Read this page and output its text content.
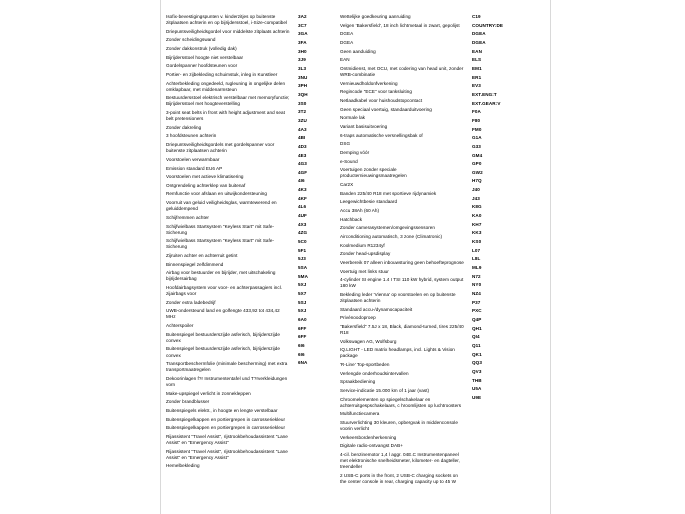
Isofix-bevestigingspunten v. kinderzitjes op buitenste zitplaatsen achterin en op bijrijdersstoel, i-Size-compatibel
Driepuntsveiligheidsgordel voor middelste zitplaats achterin
Zonder scheidingswand
Zonder dakkonstruk (volledig dak)
Bijrijdersstoel hoogte niet verstelbaar
Gordelspanner hoofdsteunen voor
Portier- en zijbekleding schuimstuk, inleg in Kunstleer
Achterbekleding ongedeeld, rugleuning in ongelijke delen omklapbaar, met middenarmsteun
Bestuurdersstoel elektrisch verstelbaar met memoryfunctie; Bijrijdersstoel met hoogteverstelling
3-point seat belts in front with height adjustment and seat belt pretensioners
Zonder dakreling
3 hoofdsteunen achterin
Driepuntsveiligheidsgordels met gordelspanner voor buitenste zitplaatsen achterin
Voorstoelen verwarmbaar
Emission standard EU6 AP
Voorstoelen met actieve klimatisering
Ontgrendeling achterklep van buitenaf
Remfunctie voor afslaan en uitwijkondersteuning
Voorruit van geluid veiligheidsglas, warmtewerend en geluiddempend
Schijfremmen achter
Schijfwielbass Startsystem "Keyless Start" mit Safe-Sicherung
Schijfwielbass Startsystem "Keyless Start" mit Safe-Sicherung
Zijruiten achter en achterruit getint
Binnenspiegel zelfdimmend
Airbag voor bestuurder en bijrijder, met uitschakeling bijrijdersairbag
Hoofdairbagsystem voor voor- en achterpassagiers incl. zijairbags voor
Zonder extra ladebedrijf
UWB-ondersteund land en golfengte 433,92 tot 434,42 MHz
Achterspoiler
Buitenspiegel bestuurderszijde asferisch, bijrijderszijde convex
Buitenspiegel bestuurderszijde asferisch, bijrijderszijde convex
Transportbeschermfolie (minimale bescherming) met extra transportmaatregelen
Dekoorinlagen f?r Instrumententafel und T?rverkleidungen vorn
Make-upspiegel verlicht in zonnekleppen
Zonder brandblusser
Buitenspiegels elektr., in hoogte en lengte verstelbaar
Buitenspiegelkappen en portiergrepen in carrosseriekleur
Buitenspiegelkappen en portiergrepen in carrosseriekleur
Rijassistent "Travel Assist", rijstrookbehoudassistent "Lane Assist" en "Emergency Assist"
Rijassistent "Travel Assist", rijstrookbehoudassistent "Lane Assist" en "Emergency Assist"
Hemelbekleding
3A2
3C7
3GA
3FA
3H0
3J9
3L3
3NU
3PH
3QH
3S0
3T2
3ZU
4A3
4BI
4D3
4E3
4G3
4GF
4I6
4K3
4KF
4L6
4UF
4X3
4ZG
5C0
5F1
5J3
5SA
5MA
5XJ
5X7
5SJ
5XJ
6A0
6FF
6FF
6I6
6I6
6NA
Wettelijke goedkeuring aanruiding
Velgen 'Bakersfield', 18 inch lichtmetaal in zwart, gepolijst
DGEA
DGEA
Geen aanduiding
EAN
Ontmidienst, met OCU, met codering van head unit, zonder WRB-combinatie
Vernieuwdholdonfverkening
Regincode "ECE" voor tanksluiting
Netlaadkabel voor huishoudstopcontact
Geen speciaal voertuig, standaarduitvoering
Normale lak
Variant basisuitvoering
6-traps automatische versnellingsbak of
DSG
Demping vóór
e-Sound
Voertuigen zonder speciale producternieuwingsmaatregelen
Car2X
Banden 225/40 R18 met sportieve rijdynamiek
Leegewichtbesie standaard
Accu 38Ah (60 Ah)
Hatchback
Zonder camerasystemen/omgevingssensoren
Airconditioning automatisch, 3 zone (Climatronic)
Koolmedium R1234yf
Zonder head-upsdisplay
Veerbereik 07 alleen inbouwsturing geen behoefteprognose
Voertuig met links stuur
4-cylinder SI engine 1.4 I TSI 110 kW hybrid, system output 180 kW
Bekleding leder 'Vienna' op voorstoelen en op buitenste zitplaatsen achterin
Standaard accu-/dynamocapaciteit
Privénoodoproep
"Bakersfield" 7.5J x 18, Black, diamond-turned, tires 225/40 R18
Volkswagen AG, Wolfsburg
IQ.LIGHT - LED matrix headlamps, incl. Lights & Vision package
'R-Line' Top-sportbeden
Verlengde onderhoudsintervallen
Spraakbediening
Service-indicatie 15.000 km of 1 jaar (vast)
Chroomelementen op spiegelschakelaar en achterruitgespschakelaars, c hroomlijsten op luchtroosters
Multifunctiecamera
Stuurverlichting 30 kleuren, opbergvak in middenconsole voorin verlicht
Verkeersbordenherkenning
Digitale radio-ontvangst DAB+
4-cil. benzinemotor 1,4 l aggr. 04E.C Instrumentenpaneel met elektronische snelheidsmeter, kilometer- en dagteller, treendeller
2 USB-C ports in the front, 2 USB-C charging sockets on the center console in rear, charging capacity up to 45 W
C19
COUNTRY:DE
DGEA
DGEA
EAN
ELS
EM1
ER1
EV3
EXT.ENG:T
EXT.GEAR:V
F0A
F80
FM0
G1A
G33
GM4
GP0
GW2
H7Q
J40
J43
K8G
KA0
KH7
KK3
KS0
L07
L8L
ML9
N72
NY0
NZ4
P37
PXC
Q4P
QH1
QI4
Q11
QK1
QQ3
QV3
THB
U5A
U9E
